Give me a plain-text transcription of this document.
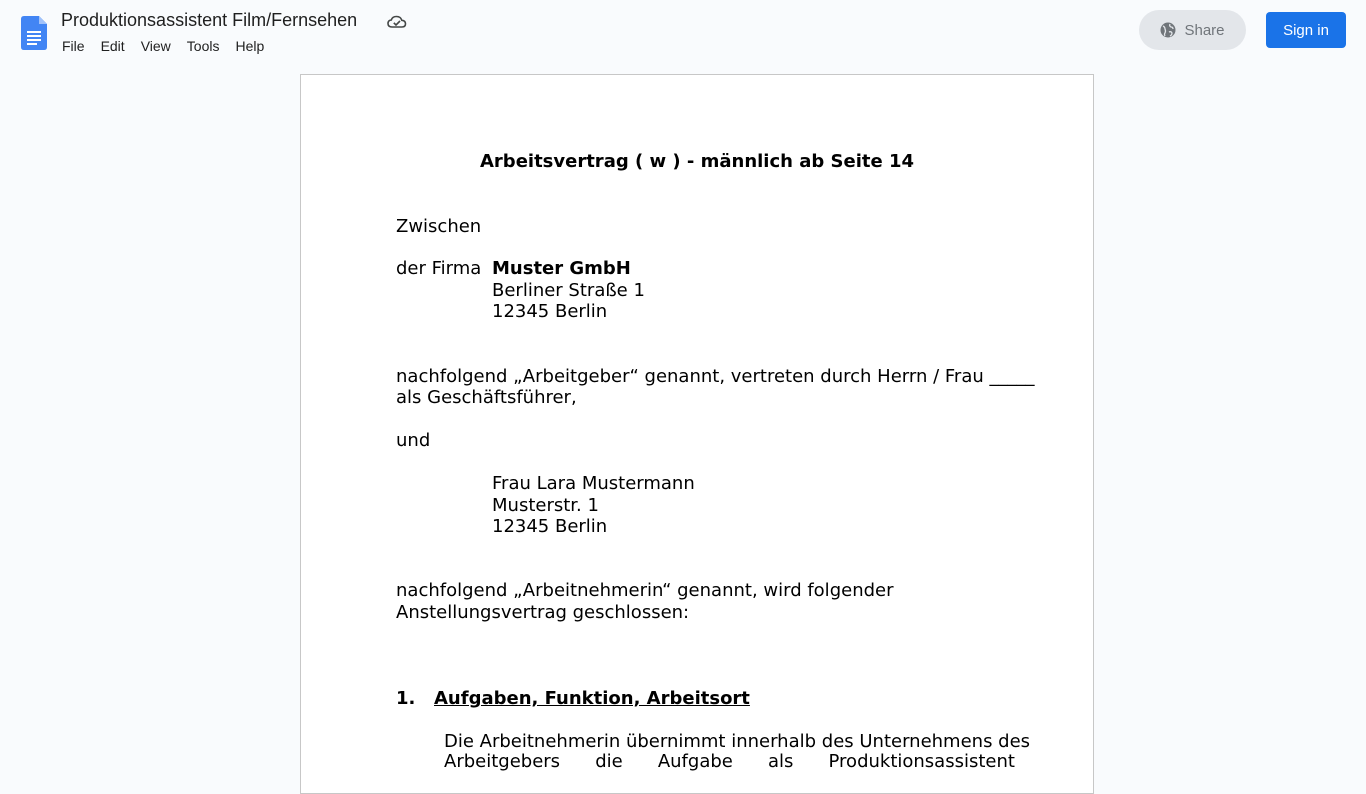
Produktionsassistent Film/Fernsehen
File	Edit	View	Tools	Help
Share	Sign in
Arbeitsvertrag ( w ) - männlich ab Seite 14
Zwischen
der Firma Muster GmbH
Berliner Straße 1
12345 Berlin
nachfolgend „Arbeitgeber“ genannt, vertreten durch Herrn / Frau _____
als Geschäftsführer,
und
Frau Lara Mustermann
Musterstr. 1
12345 Berlin
nachfolgend „Arbeitnehmerin“ genannt, wird folgender
Anstellungsvertrag geschlossen:
1. Aufgaben, Funktion, Arbeitsort
Die Arbeitnehmerin übernimmt innerhalb des Unternehmens des
Arbeitgebers die Aufgabe als Produktionsassistent
